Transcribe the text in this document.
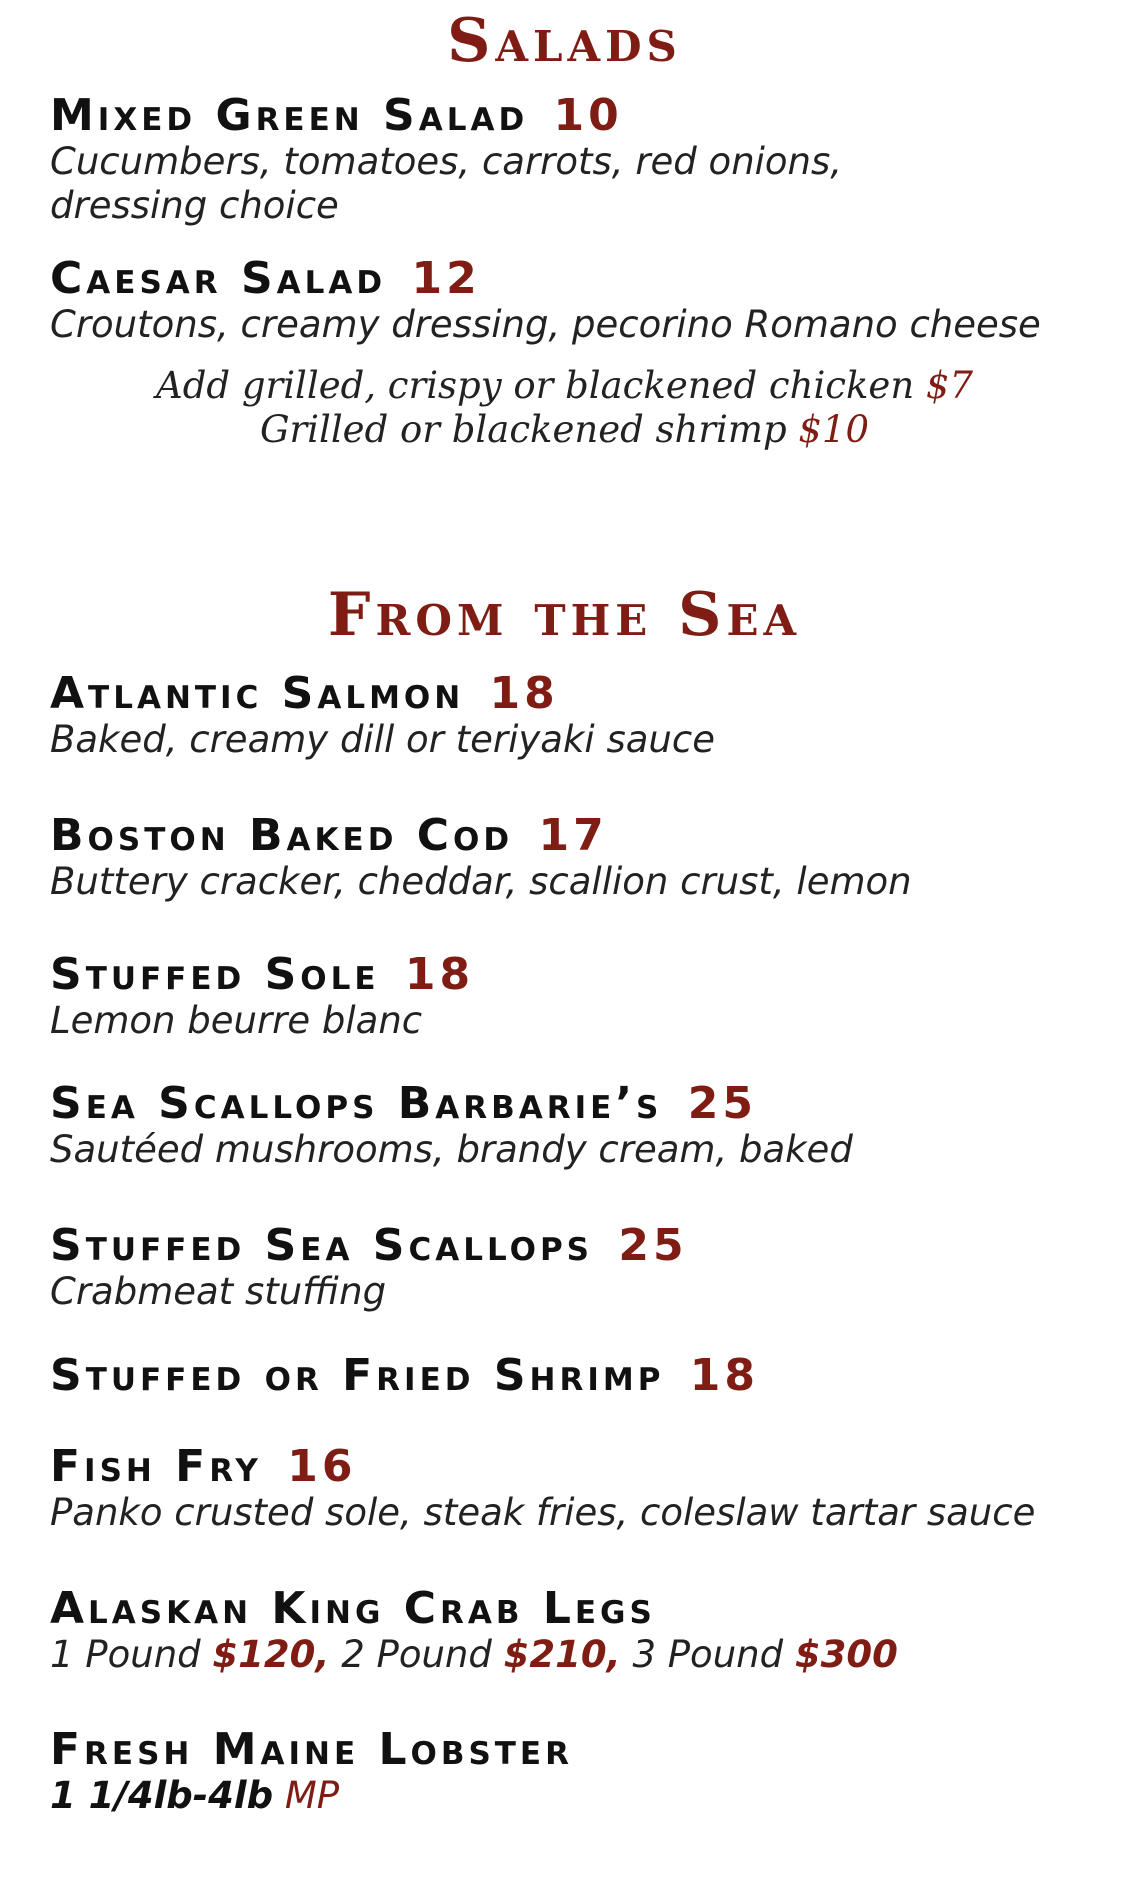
Salads
Mixed Green Salad 10
Cucumbers, tomatoes, carrots, red onions,
dressing choice
Caesar Salad 12
Croutons, creamy dressing, pecorino Romano cheese
Add grilled, crispy or blackened chicken $7
Grilled or blackened shrimp $10
From the Sea
Atlantic Salmon 18
Baked, creamy dill or teriyaki sauce
Boston Baked Cod 17
Buttery cracker, cheddar, scallion crust, lemon
Stuffed Sole 18
Lemon beurre blanc
Sea Scallops Barbarie’s 25
Sautéed mushrooms, brandy cream, baked
Stuffed Sea Scallops 25
Crabmeat stuffing
Stuffed or Fried Shrimp 18
Fish Fry 16
Panko crusted sole, steak fries, coleslaw tartar sauce
Alaskan King Crab Legs
1 Pound $120, 2 Pound $210, 3 Pound $300
Fresh Maine Lobster
1 1/4lb-4lb MP
